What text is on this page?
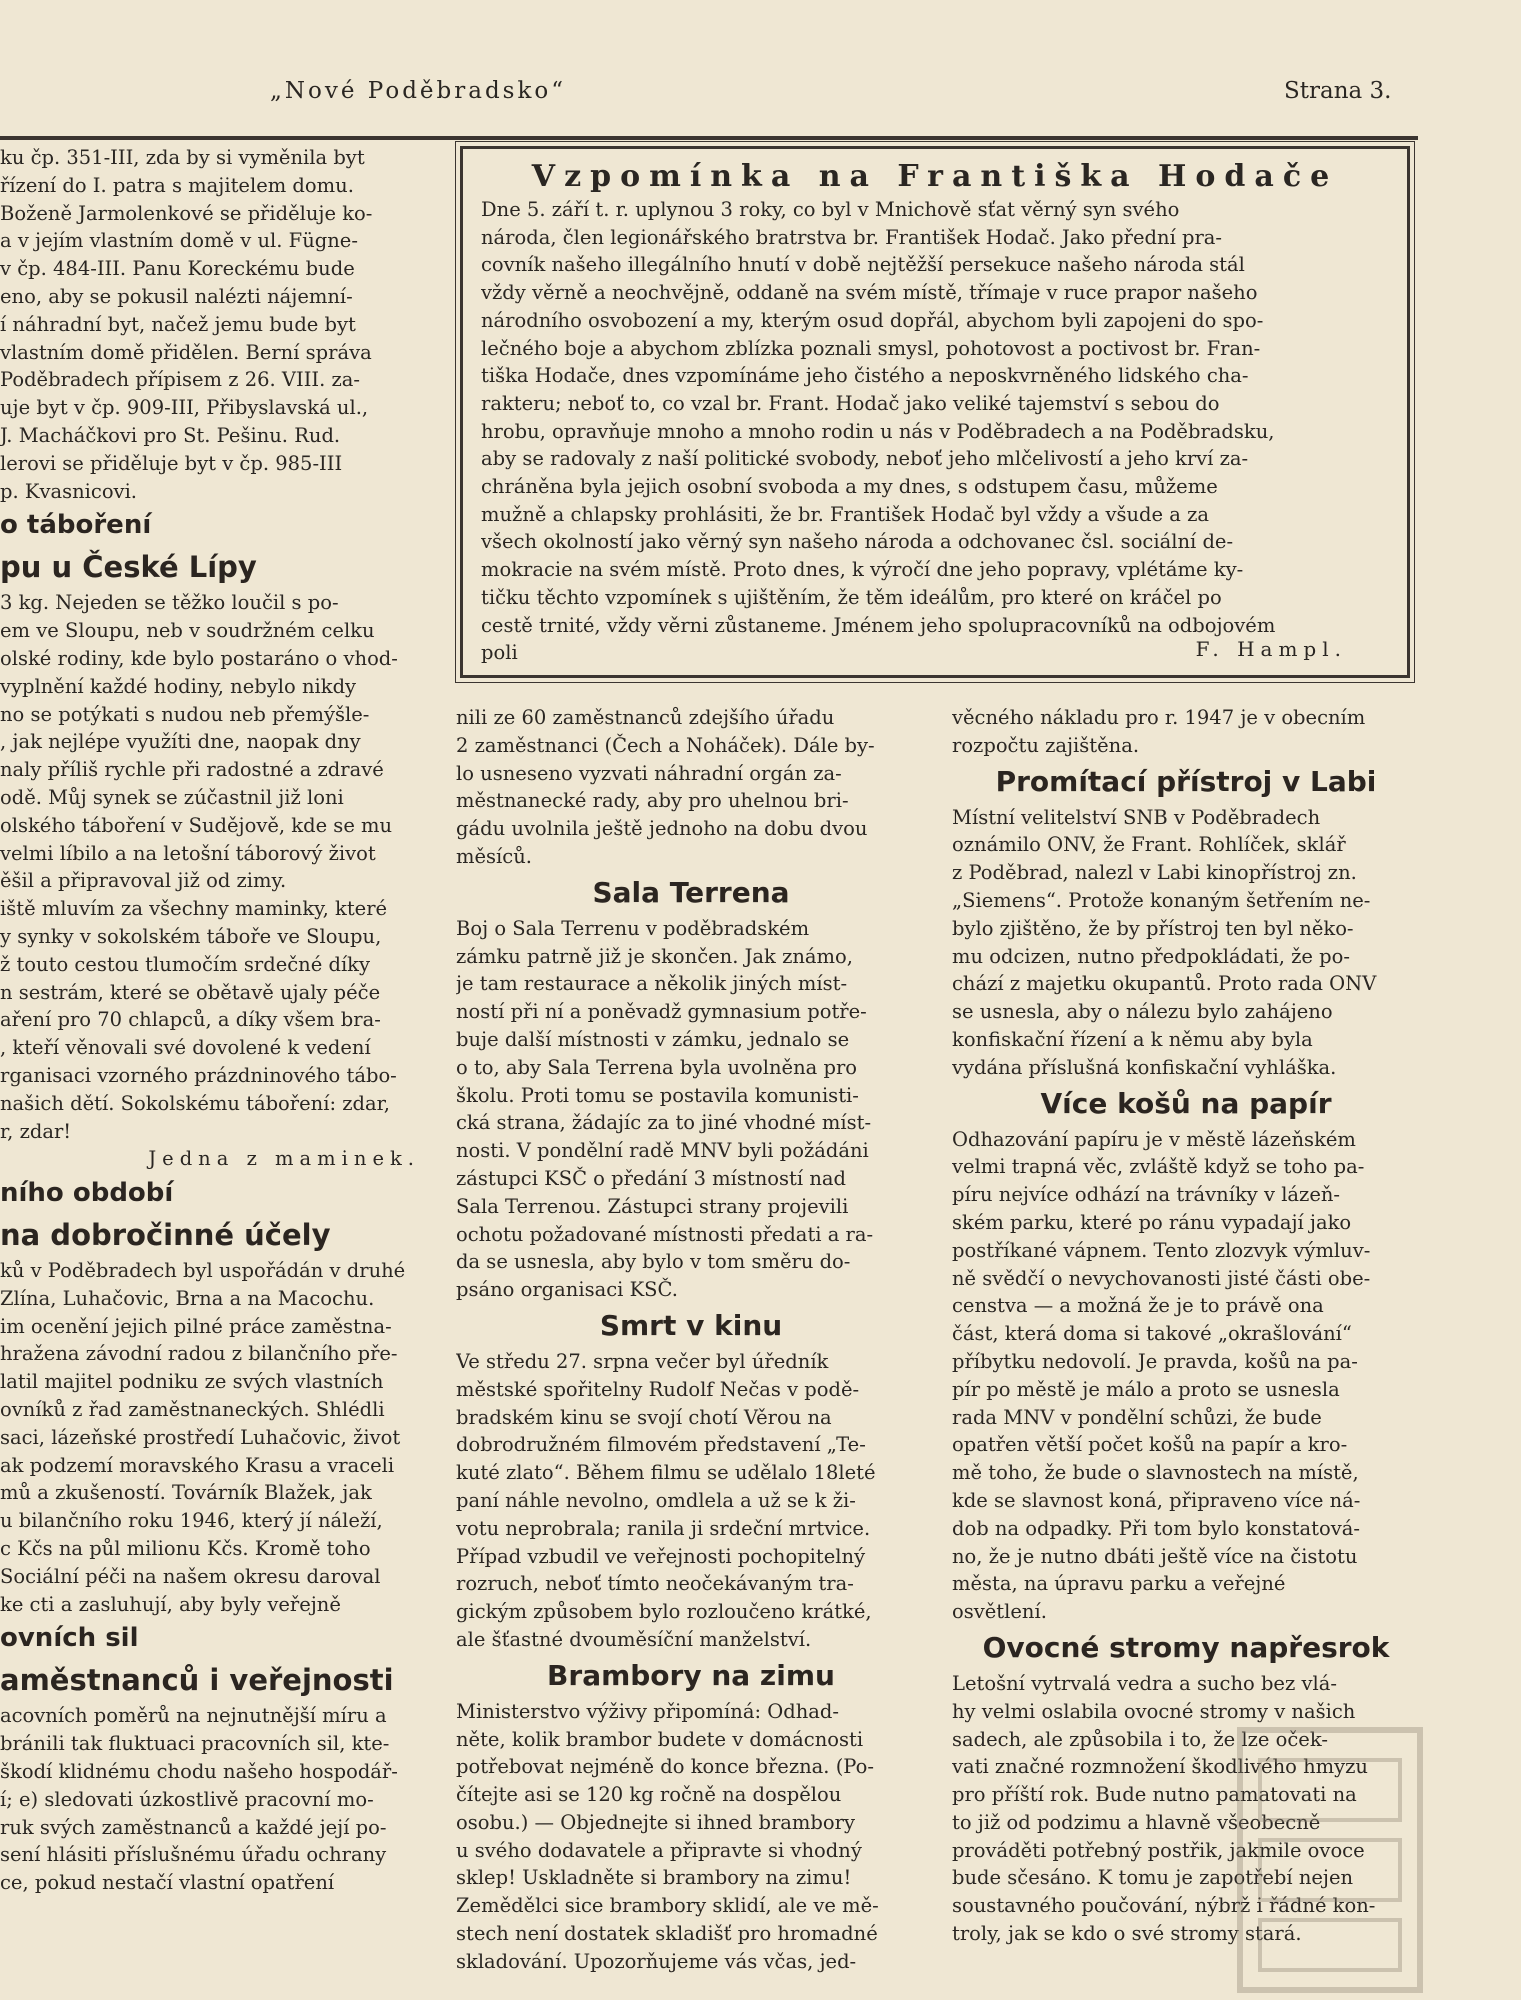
„Nové Poděbradsko“	Strana 3.
ku čp. 351-III, zda by si vyměnila byt
řízení do I. patra s majitelem domu.
Boženě Jarmolenkové se přiděluje ko-
a v jejím vlastním domě v ul. Fügne-
v čp. 484-III. Panu Koreckému bude
eno, aby se pokusil nalézti nájemní-
í náhradní byt, načež jemu bude byt
vlastním domě přidělen. Berní správa
Poděbradech přípisem z 26. VIII. za-
uje byt v čp. 909-III, Přibyslavská ul.,
J. Macháčkovi pro St. Pešinu. Rud.
lerovi se přiděluje byt v čp. 985-III
p. Kvasnicovi.
o táboření
pu u České Lípy
3 kg. Nejeden se těžko loučil s po-
em ve Sloupu, neb v soudržném celku
olské rodiny, kde bylo postaráno o vhod-
vyplnění každé hodiny, nebylo nikdy
no se potýkati s nudou neb přemýšle-
, jak nejlépe využíti dne, naopak dny
naly příliš rychle při radostné a zdravé
odě. Můj synek se zúčastnil již loni
olského táboření v Sudějově, kde se mu
velmi líbilo a na letošní táborový život
ěšil a připravoval již od zimy.
iště mluvím za všechny maminky, které
y synky v sokolském táboře ve Sloupu,
ž touto cestou tlumočím srdečné díky
n sestrám, které se obětavě ujaly péče
aření pro 70 chlapců, a díky všem bra-
, kteří věnovali své dovolené k vedení
rganisaci vzorného prázdninového tábo-
našich dětí. Sokolskému táboření: zdar,
r, zdar!
Jedna z maminek.
ního období
na dobročinné účely
ků v Poděbradech byl uspořádán v druhé
Zlína, Luhačovic, Brna a na Macochu.
im ocenění jejich pilné práce zaměstna-
hražena závodní radou z bilančního pře-
latil majitel podniku ze svých vlastních
ovníků z řad zaměstnaneckých. Shlédli
saci, lázeňské prostředí Luhačovic, život
ak podzemí moravského Krasu a vraceli
mů a zkušeností. Továrník Blažek, jak
u bilančního roku 1946, který jí náleží,
c Kčs na půl milionu Kčs. Kromě toho
Sociální péči na našem okresu daroval
ke cti a zasluhují, aby byly veřejně
ovních sil
aměstnanců i veřejnosti
acovních poměrů na nejnutnější míru a
bránili tak fluktuaci pracovních sil, kte-
škodí klidnému chodu našeho hospodář-
í; e) sledovati úzkostlivě pracovní mo-
ruk svých zaměstnanců a každé její po-
sení hlásiti příslušnému úřadu ochrany
ce, pokud nestačí vlastní opatření
Vzpomínka na Františka Hodače
Dne 5. září t. r. uplynou 3 roky, co byl v Mnichově sťat věrný syn svého
národa, člen legionářského bratrstva br. František Hodač. Jako přední pra-
covník našeho illegálního hnutí v době nejtěžší persekuce našeho národa stál
vždy věrně a neochvějně, oddaně na svém místě, třímaje v ruce prapor našeho
národního osvobození a my, kterým osud dopřál, abychom byli zapojeni do spo-
lečného boje a abychom zblízka poznali smysl, pohotovost a poctivost br. Fran-
tiška Hodače, dnes vzpomínáme jeho čistého a neposkvrněného lidského cha-
rakteru; neboť to, co vzal br. Frant. Hodač jako veliké tajemství s sebou do
hrobu, opravňuje mnoho a mnoho rodin u nás v Poděbradech a na Poděbradsku,
aby se radovaly z naší politické svobody, neboť jeho mlčelivostí a jeho krví za-
chráněna byla jejich osobní svoboda a my dnes, s odstupem času, můžeme
mužně a chlapsky prohlásiti, že br. František Hodač byl vždy a všude a za
všech okolností jako věrný syn našeho národa a odchovanec čsl. sociální de-
mokracie na svém místě. Proto dnes, k výročí dne jeho popravy, vplétáme ky-
tičku těchto vzpomínek s ujištěním, že těm ideálům, pro které on kráčel po
cestě trnité, vždy věrni zůstaneme. Jménem jeho spolupracovníků na odbojovém
poli	F. Hampl.
nili ze 60 zaměstnanců zdejšího úřadu
2 zaměstnanci (Čech a Noháček). Dále by-
lo usneseno vyzvati náhradní orgán za-
městnanecké rady, aby pro uhelnou bri-
gádu uvolnila ještě jednoho na dobu dvou
měsíců.
Sala Terrena
Boj o Sala Terrenu v poděbradském
zámku patrně již je skončen. Jak známo,
je tam restaurace a několik jiných míst-
ností při ní a poněvadž gymnasium potře-
buje další místnosti v zámku, jednalo se
o to, aby Sala Terrena byla uvolněna pro
školu. Proti tomu se postavila komunisti-
cká strana, žádajíc za to jiné vhodné míst-
nosti. V pondělní radě MNV byli požádáni
zástupci KSČ o předání 3 místností nad
Sala Terrenou. Zástupci strany projevili
ochotu požadované místnosti předati a ra-
da se usnesla, aby bylo v tom směru do-
psáno organisaci KSČ.
Smrt v kinu
Ve středu 27. srpna večer byl úředník
městské spořitelny Rudolf Nečas v podě-
bradském kinu se svojí chotí Věrou na
dobrodružném filmovém představení „Te-
kuté zlato“. Během filmu se udělalo 18leté
paní náhle nevolno, omdlela a už se k ži-
votu neprobrala; ranila ji srdeční mrtvice.
Případ vzbudil ve veřejnosti pochopitelný
rozruch, neboť tímto neočekávaným tra-
gickým způsobem bylo rozloučeno krátké,
ale šťastné dvouměsíční manželství.
Brambory na zimu
Ministerstvo výživy připomíná: Odhad-
něte, kolik brambor budete v domácnosti
potřebovat nejméně do konce března. (Po-
čítejte asi se 120 kg ročně na dospělou
osobu.) — Objednejte si ihned brambory
u svého dodavatele a připravte si vhodný
sklep! Uskladněte si brambory na zimu!
Zemědělci sice brambory sklidí, ale ve mě-
stech není dostatek skladišť pro hromadné
skladování. Upozorňujeme vás včas, jed-
věcného nákladu pro r. 1947 je v obecním
rozpočtu zajištěna.
Promítací přístroj v Labi
Místní velitelství SNB v Poděbradech
oznámilo ONV, že Frant. Rohlíček, sklář
z Poděbrad, nalezl v Labi kinopřístroj zn.
„Siemens“. Protože konaným šetřením ne-
bylo zjištěno, že by přístroj ten byl něko-
mu odcizen, nutno předpokládati, že po-
chází z majetku okupantů. Proto rada ONV
se usnesla, aby o nálezu bylo zahájeno
konfiskační řízení a k němu aby byla
vydána příslušná konfiskační vyhláška.
Více košů na papír
Odhazování papíru je v městě lázeňském
velmi trapná věc, zvláště když se toho pa-
píru nejvíce odhází na trávníky v lázeň-
ském parku, které po ránu vypadají jako
postříkané vápnem. Tento zlozvyk výmluv-
ně svědčí o nevychovanosti jisté části obe-
censtva — a možná že je to právě ona
část, která doma si takové „okrašlování“
příbytku nedovolí. Je pravda, košů na pa-
pír po městě je málo a proto se usnesla
rada MNV v pondělní schůzi, že bude
opatřen větší počet košů na papír a kro-
mě toho, že bude o slavnostech na místě,
kde se slavnost koná, připraveno více ná-
dob na odpadky. Při tom bylo konstatová-
no, že je nutno dbáti ještě více na čistotu
města, na úpravu parku a veřejné
osvětlení.
Ovocné stromy napřesrok
Letošní vytrvalá vedra a sucho bez vlá-
hy velmi oslabila ovocné stromy v našich
sadech, ale způsobila i to, že lze oček-
vati značné rozmnožení škodlivého hmyzu
pro příští rok. Bude nutno pamatovati na
to již od podzimu a hlavně všeobecně
prováděti potřebný postřik, jakmile ovoce
bude sčesáno. K tomu je zapotřebí nejen
soustavného poučování, nýbrž i řádné kon-
troly, jak se kdo o své stromy stará.
